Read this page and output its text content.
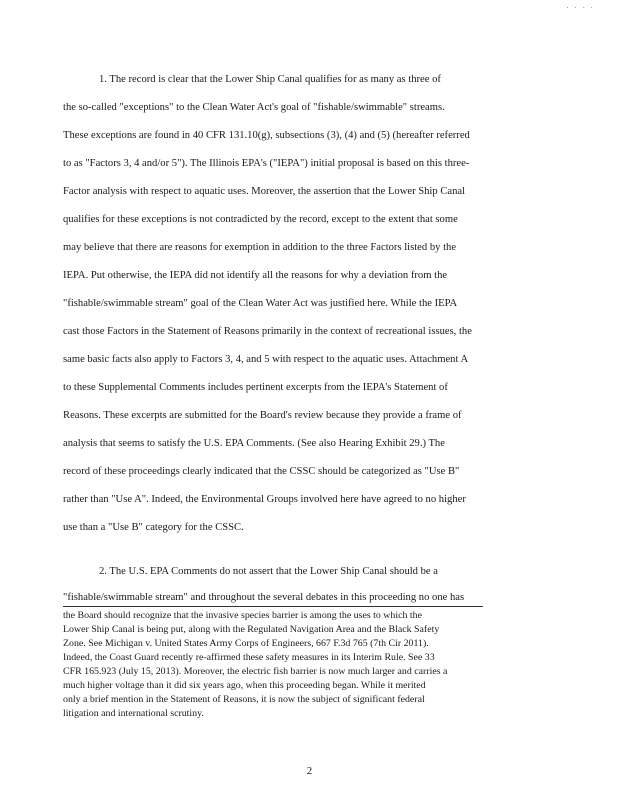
· · · ·
1. The record is clear that the Lower Ship Canal qualifies for as many as three of
the so-called "exceptions" to the Clean Water Act's goal of "fishable/swimmable" streams.
These exceptions are found in 40 CFR 131.10(g), subsections (3), (4) and (5) (hereafter referred
to as "Factors 3, 4 and/or 5"). The Illinois EPA's ("IEPA") initial proposal is based on this three-
Factor analysis with respect to aquatic uses. Moreover, the assertion that the Lower Ship Canal
qualifies for these exceptions is not contradicted by the record, except to the extent that some
may believe that there are reasons for exemption in addition to the three Factors listed by the
IEPA. Put otherwise, the IEPA did not identify all the reasons for why a deviation from the
"fishable/swimmable stream" goal of the Clean Water Act was justified here. While the IEPA
cast those Factors in the Statement of Reasons primarily in the context of recreational issues, the
same basic facts also apply to Factors 3, 4, and 5 with respect to the aquatic uses. Attachment A
to these Supplemental Comments includes pertinent excerpts from the IEPA's Statement of
Reasons. These excerpts are submitted for the Board's review because they provide a frame of
analysis that seems to satisfy the U.S. EPA Comments. (See also Hearing Exhibit 29.) The
record of these proceedings clearly indicated that the CSSC should be categorized as "Use B"
rather than "Use A". Indeed, the Environmental Groups involved here have agreed to no higher
use than a "Use B" category for the CSSC.
2. The U.S. EPA Comments do not assert that the Lower Ship Canal should be a
"fishable/swimmable stream" and throughout the several debates in this proceeding no one has
the Board should recognize that the invasive species barrier is among the uses to which the
Lower Ship Canal is being put, along with the Regulated Navigation Area and the Black Safety
Zone. See Michigan v. United States Army Corps of Engineers, 667 F.3d 765 (7th Cir 2011).
Indeed, the Coast Guard recently re-affirmed these safety measures in its Interim Rule. See 33
CFR 165.923 (July 15, 2013). Moreover, the electric fish barrier is now much larger and carries a
much higher voltage than it did six years ago, when this proceeding began. While it merited
only a brief mention in the Statement of Reasons, it is now the subject of significant federal
litigation and international scrutiny.
2
